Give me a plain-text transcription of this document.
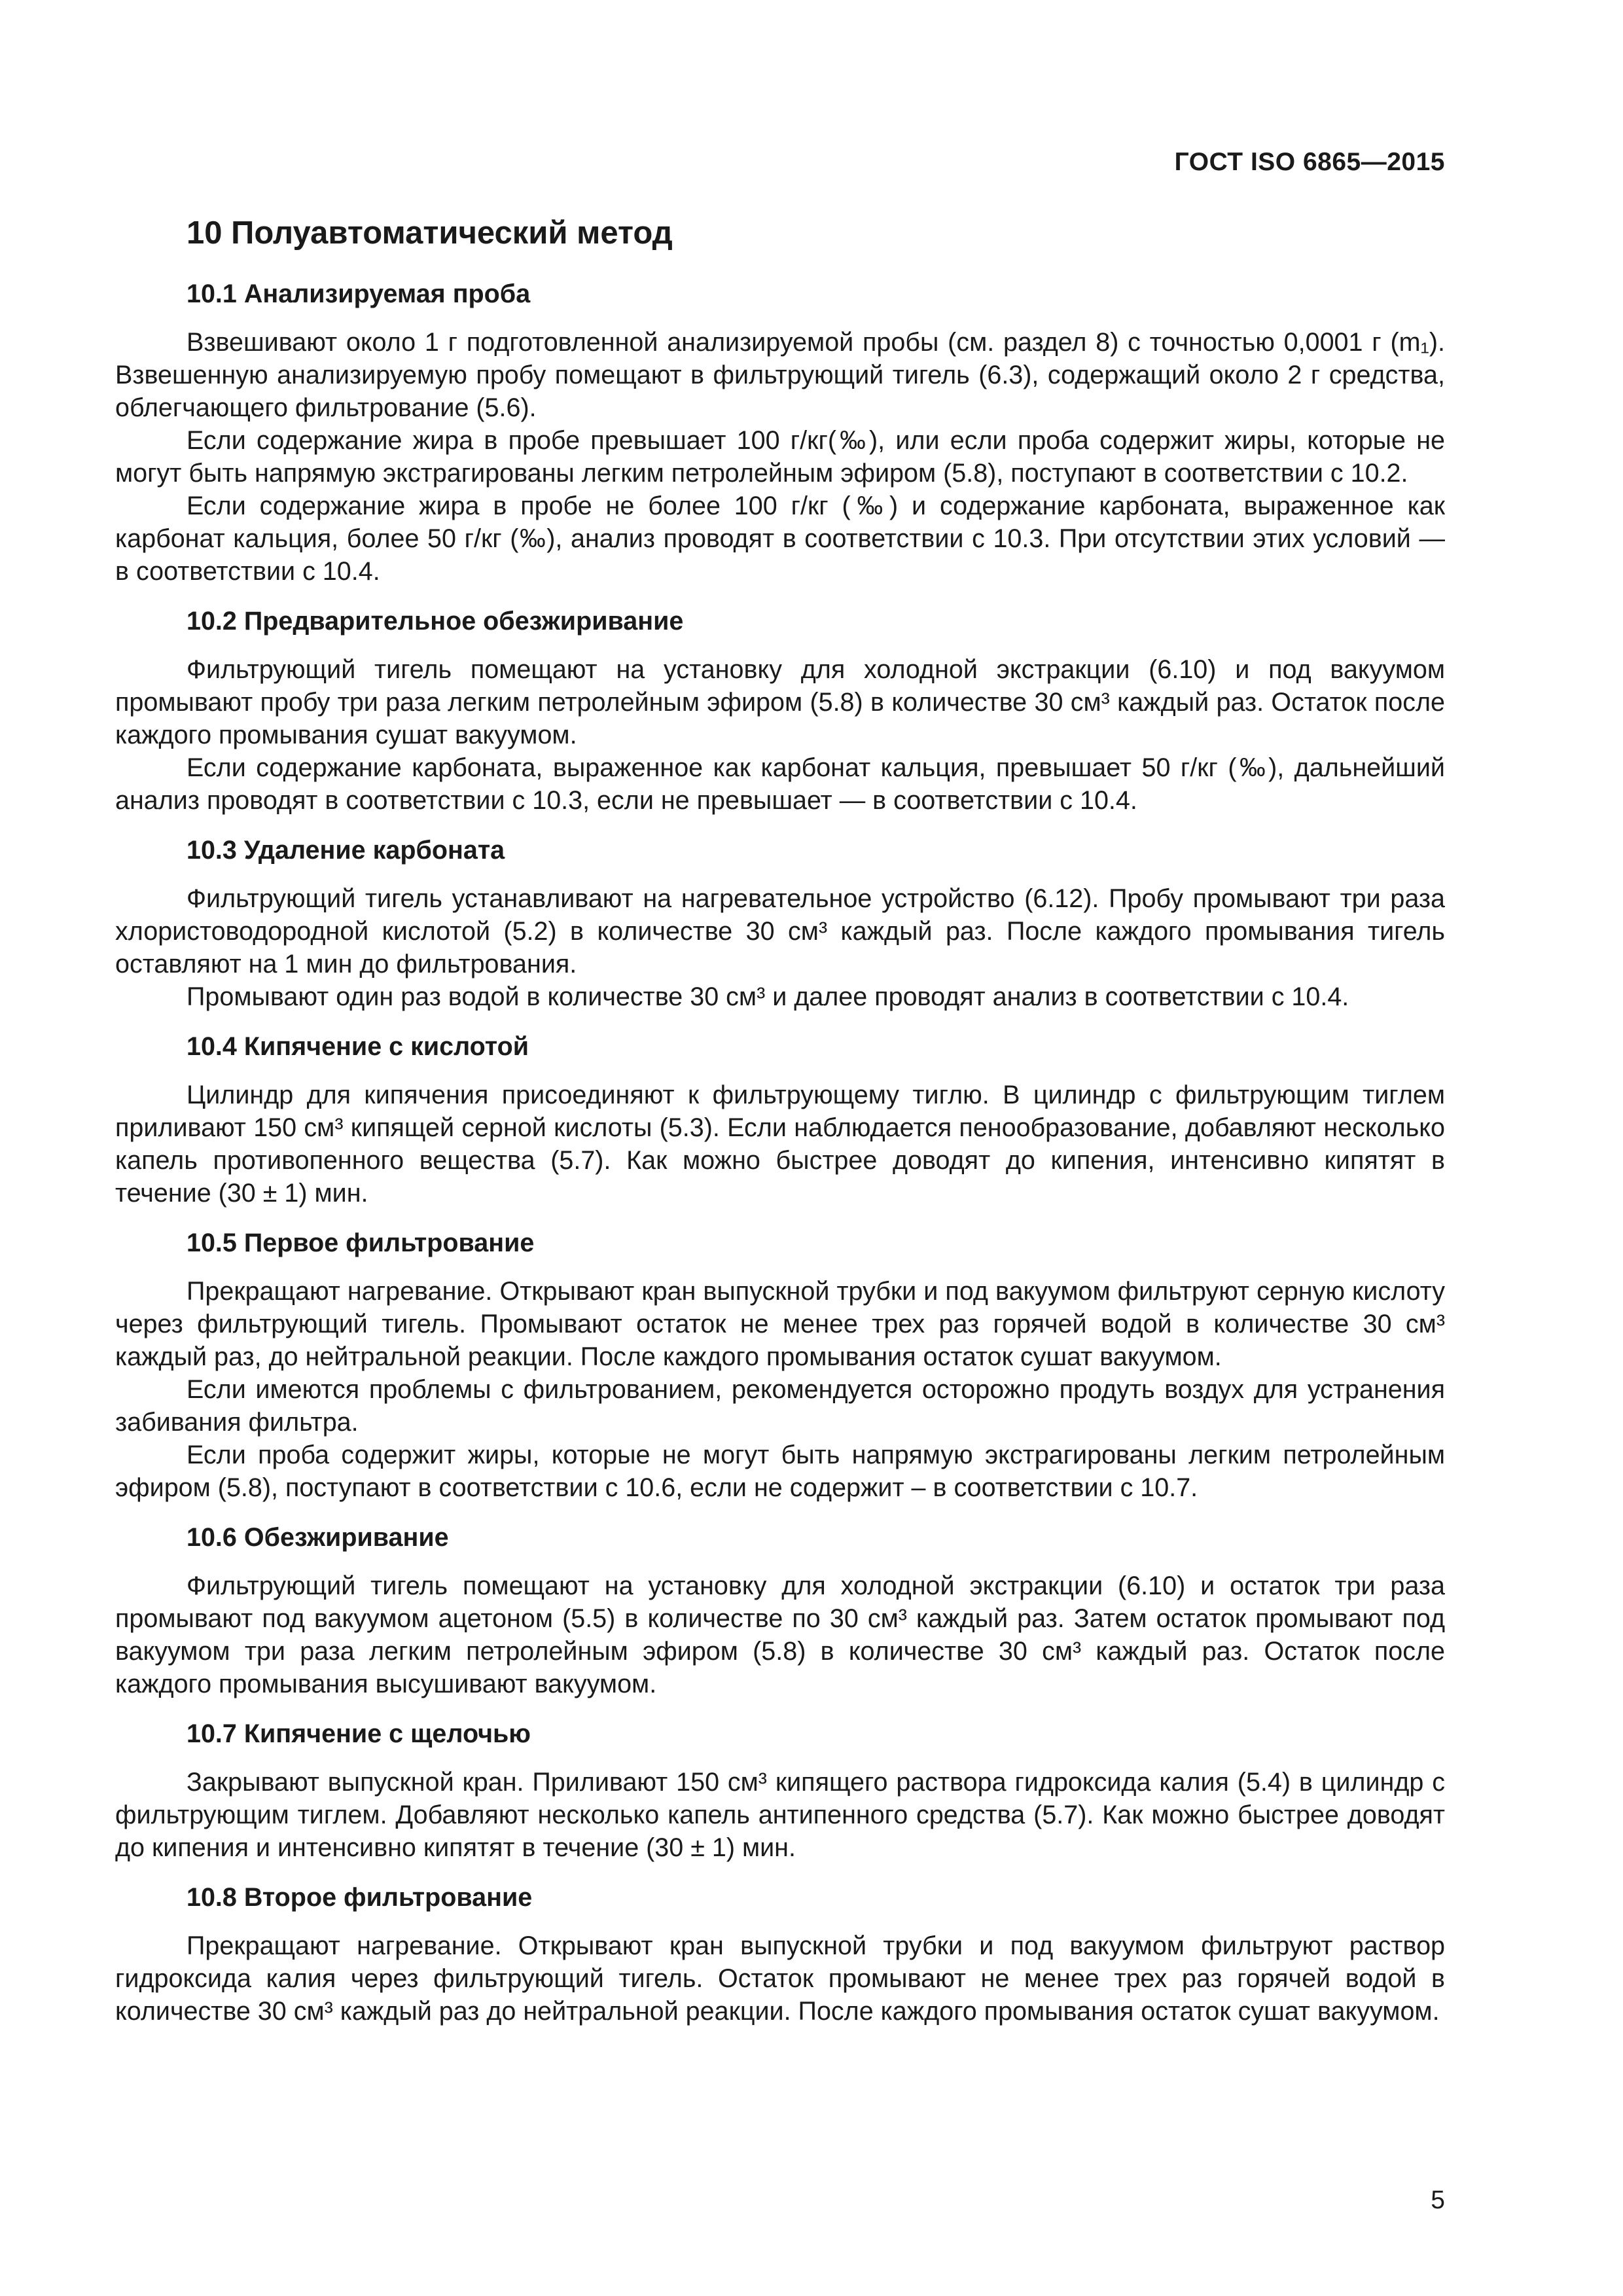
ГОСТ ISO 6865—2015
10 Полуавтоматический метод
10.1 Анализируемая проба

Взвешивают около 1 г подготовленной анализируемой пробы (см. раздел 8) с точностью 0,0001 г (m₁). Взвешенную анализируемую пробу помещают в фильтрующий тигель (6.3), содержащий около 2 г средства, облегчающего фильтрование (5.6).

Если содержание жира в пробе превышает 100 г/кг(‰), или если проба содержит жиры, которые не могут быть напрямую экстрагированы легким петролейным эфиром (5.8), поступают в соответствии с 10.2.

Если содержание жира в пробе не более 100 г/кг (‰) и содержание карбоната, выраженное как карбонат кальция, более 50 г/кг (‰), анализ проводят в соответствии с 10.3. При отсутствии этих условий — в соответствии с 10.4.

10.2 Предварительное обезжиривание

Фильтрующий тигель помещают на установку для холодной экстракции (6.10) и под вакуумом промывают пробу три раза легким петролейным эфиром (5.8) в количестве 30 см³ каждый раз. Остаток после каждого промывания сушат вакуумом.

Если содержание карбоната, выраженное как карбонат кальция, превышает 50 г/кг (‰), дальнейший анализ проводят в соответствии с 10.3, если не превышает — в соответствии с 10.4.

10.3 Удаление карбоната

Фильтрующий тигель устанавливают на нагревательное устройство (6.12). Пробу промывают три раза хлористоводородной кислотой (5.2) в количестве 30 см³ каждый раз. После каждого промывания тигель оставляют на 1 мин до фильтрования.

Промывают один раз водой в количестве 30 см³ и далее проводят анализ в соответствии с 10.4.

10.4 Кипячение с кислотой

Цилиндр для кипячения присоединяют к фильтрующему тиглю. В цилиндр с фильтрующим тиглем приливают 150 см³ кипящей серной кислоты (5.3). Если наблюдается пенообразование, добавляют несколько капель противопенного вещества (5.7). Как можно быстрее доводят до кипения, интенсивно кипятят в течение (30 ± 1) мин.

10.5 Первое фильтрование

Прекращают нагревание. Открывают кран выпускной трубки и под вакуумом фильтруют серную кислоту через фильтрующий тигель. Промывают остаток не менее трех раз горячей водой в количестве 30 см³ каждый раз, до нейтральной реакции. После каждого промывания остаток сушат вакуумом.

Если имеются проблемы с фильтрованием, рекомендуется осторожно продуть воздух для устранения забивания фильтра.

Если проба содержит жиры, которые не могут быть напрямую экстрагированы легким петролейным эфиром (5.8), поступают в соответствии с 10.6, если не содержит – в соответствии с 10.7.

10.6 Обезжиривание

Фильтрующий тигель помещают на установку для холодной экстракции (6.10) и остаток три раза промывают под вакуумом ацетоном (5.5) в количестве по 30 см³ каждый раз. Затем остаток промывают под вакуумом три раза легким петролейным эфиром (5.8) в количестве 30 см³ каждый раз. Остаток после каждого промывания высушивают вакуумом.

10.7 Кипячение с щелочью

Закрывают выпускной кран. Приливают 150 см³ кипящего раствора гидроксида калия (5.4) в цилиндр с фильтрующим тиглем. Добавляют несколько капель антипенного средства (5.7). Как можно быстрее доводят до кипения и интенсивно кипятят в течение (30 ± 1) мин.

10.8 Второе фильтрование

Прекращают нагревание. Открывают кран выпускной трубки и под вакуумом фильтруют раствор гидроксида калия через фильтрующий тигель. Остаток промывают не менее трех раз горячей водой в количестве 30 см³ каждый раз до нейтральной реакции. После каждого промывания остаток сушат вакуумом.

5
